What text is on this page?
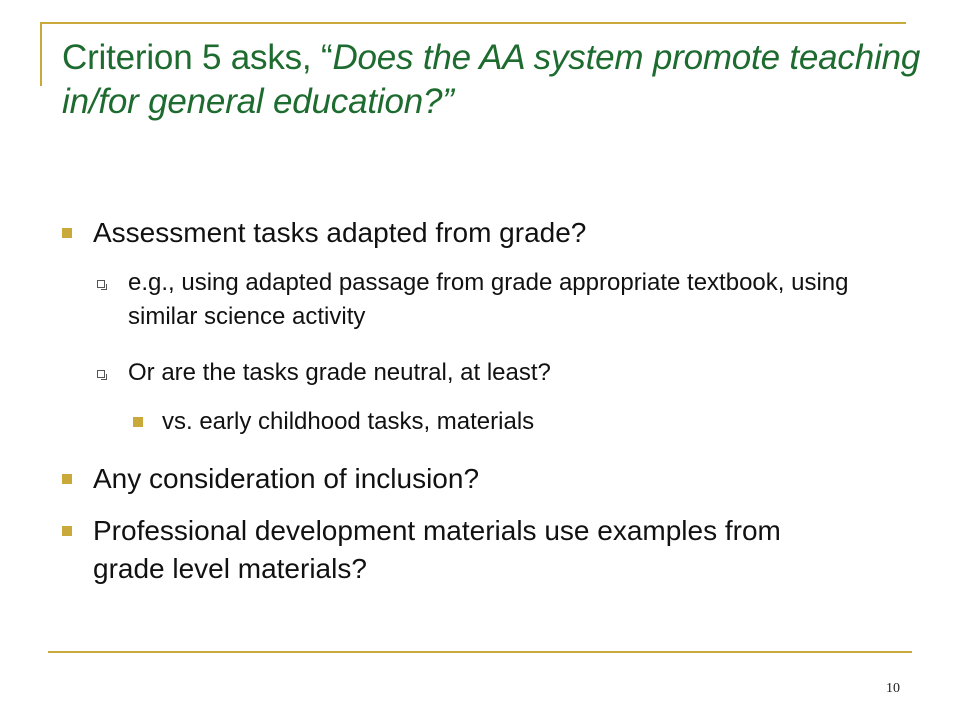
Criterion 5 asks, “Does the AA system promote teaching in/for general education?”
Assessment tasks adapted from grade?
e.g., using adapted passage from grade appropriate textbook, using similar science activity
Or are the tasks grade neutral, at least?
vs. early childhood tasks, materials
Any consideration of inclusion?
Professional development materials use examples from grade level materials?
10
